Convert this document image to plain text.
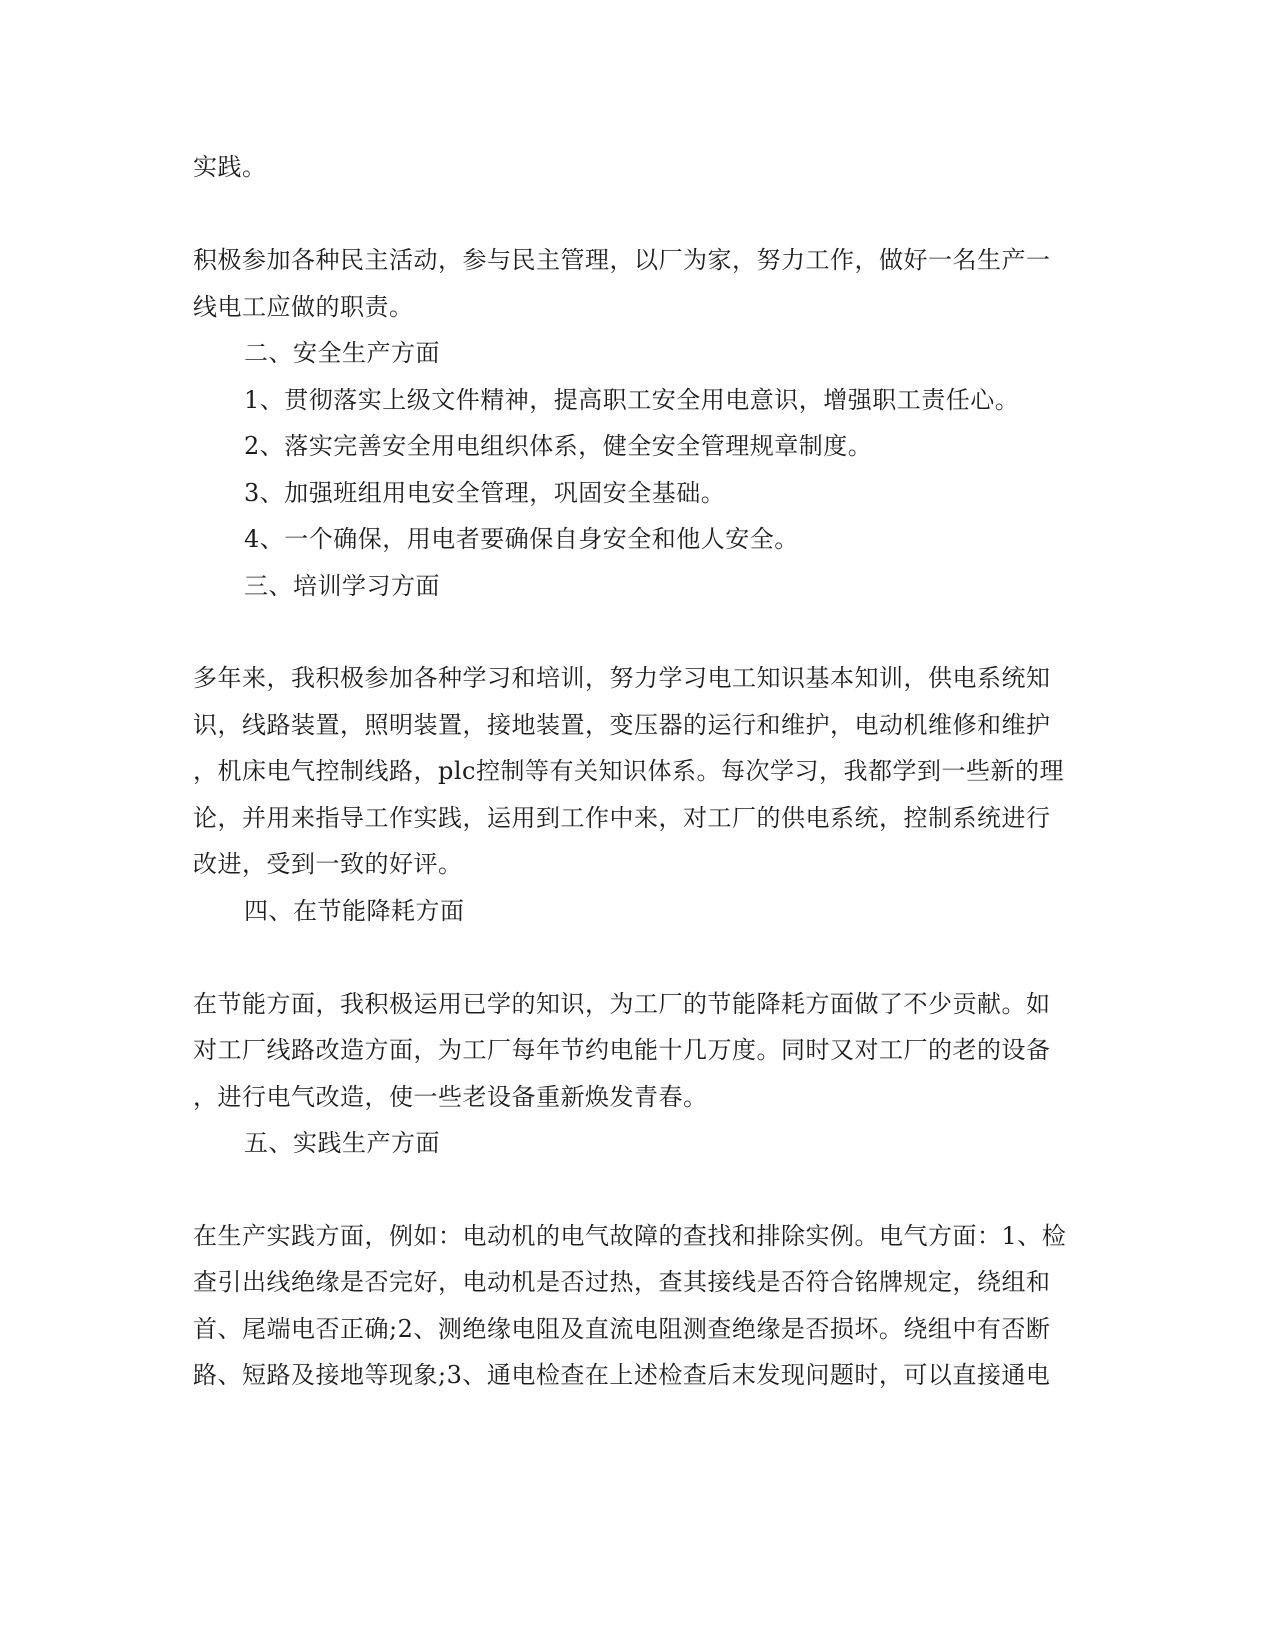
实践。
积极参加各种民主活动，参与民主管理，以厂为家，努力工作，做好一名生产一
线电工应做的职责。
二、安全生产方面
1、贯彻落实上级文件精神，提高职工安全用电意识，增强职工责任心。
2、落实完善安全用电组织体系，健全安全管理规章制度。
3、加强班组用电安全管理，巩固安全基础。
4、一个确保，用电者要确保自身安全和他人安全。
三、培训学习方面
多年来，我积极参加各种学习和培训，努力学习电工知识基本知训，供电系统知
识，线路装置，照明装置，接地装置，变压器的运行和维护，电动机维修和维护
，机床电气控制线路，plc控制等有关知识体系。每次学习，我都学到一些新的理
论，并用来指导工作实践，运用到工作中来，对工厂的供电系统，控制系统进行
改进，受到一致的好评。
四、在节能降耗方面
在节能方面，我积极运用已学的知识，为工厂的节能降耗方面做了不少贡献。如
对工厂线路改造方面，为工厂每年节约电能十几万度。同时又对工厂的老的设备
，进行电气改造，使一些老设备重新焕发青春。
五、实践生产方面
在生产实践方面，例如：电动机的电气故障的查找和排除实例。电气方面：1、检
查引出线绝缘是否完好，电动机是否过热，查其接线是否符合铭牌规定，绕组和
首、尾端电否正确;2、测绝缘电阻及直流电阻测查绝缘是否损坏。绕组中有否断
路、短路及接地等现象;3、通电检查在上述检查后末发现问题时，可以直接通电
